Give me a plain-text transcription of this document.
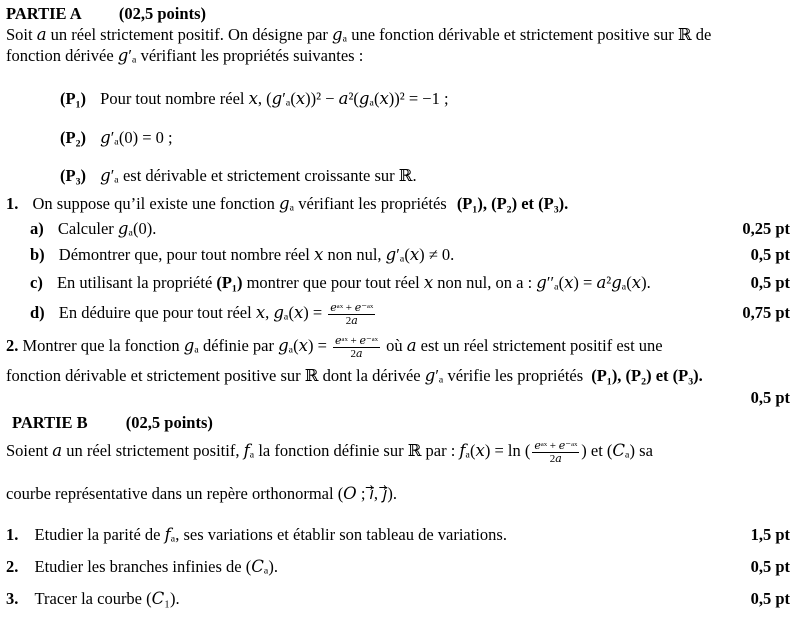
PARTIE A (02,5 points)
Soit 𝑎 un réel strictement positif. On désigne par 𝑔ₐ une fonction dérivable et strictement positive sur ℝ de
fonction dérivée 𝑔′ₐ vérifiant les propriétés suivantes :
(P₁) Pour tout nombre réel 𝑥, (𝑔′ₐ(𝑥))² − 𝑎²(𝑔ₐ(𝑥))² = −1 ;
(P₂) 𝑔′ₐ(0) = 0 ;
(P₃) 𝑔′ₐ est dérivable et strictement croissante sur ℝ.
1. On suppose qu’il existe une fonction 𝑔ₐ vérifiant les propriétés (P₁), (P₂) et (P₃).
a) Calculer 𝑔ₐ(0).	0,25 pt
b) Démontrer que, pour tout nombre réel 𝑥 non nul, 𝑔′ₐ(𝑥) ≠ 0.	0,5 pt
c) En utilisant la propriété (P₁) montrer que pour tout réel 𝑥 non nul, on a : 𝑔′′ₐ(𝑥) = 𝑎²𝑔ₐ(𝑥).	0,5 pt
d) En déduire que pour tout réel 𝑥, 𝑔ₐ(𝑥) = $\frac{\text{𝑒ᵃˣ + 𝑒⁻ᵃˣ}}{\text{2𝑎}}$	0,75 pt
2. Montrer que la fonction 𝑔ₐ définie par 𝑔ₐ(𝑥) = $\frac{\text{𝑒ᵃˣ + 𝑒⁻ᵃˣ}}{\text{2𝑎}}$ où 𝑎 est un réel strictement positif est une
fonction dérivable et strictement positive sur ℝ dont la dérivée 𝑔′ₐ vérifie les propriétés (P₁), (P₂) et (P₃).
0,5 pt
PARTIE B (02,5 points)
Soient 𝑎 un réel strictement positif, 𝑓ₐ la fonction définie sur ℝ par : 𝑓ₐ(𝑥) = ln ( $\frac{\text{𝑒ᵃˣ + 𝑒⁻ᵃˣ}}{\text{2𝑎}}$ ) et (𝐶ₐ) sa
courbe représentative dans un repère orthonormal (𝑂 ; 𝑖⃗, 𝑗⃗).
1. Etudier la parité de 𝑓ₐ, ses variations et établir son tableau de variations.	1,5 pt
2. Etudier les branches infinies de (𝐶ₐ).	0,5 pt
3. Tracer la courbe (𝐶₁).	0,5 pt
